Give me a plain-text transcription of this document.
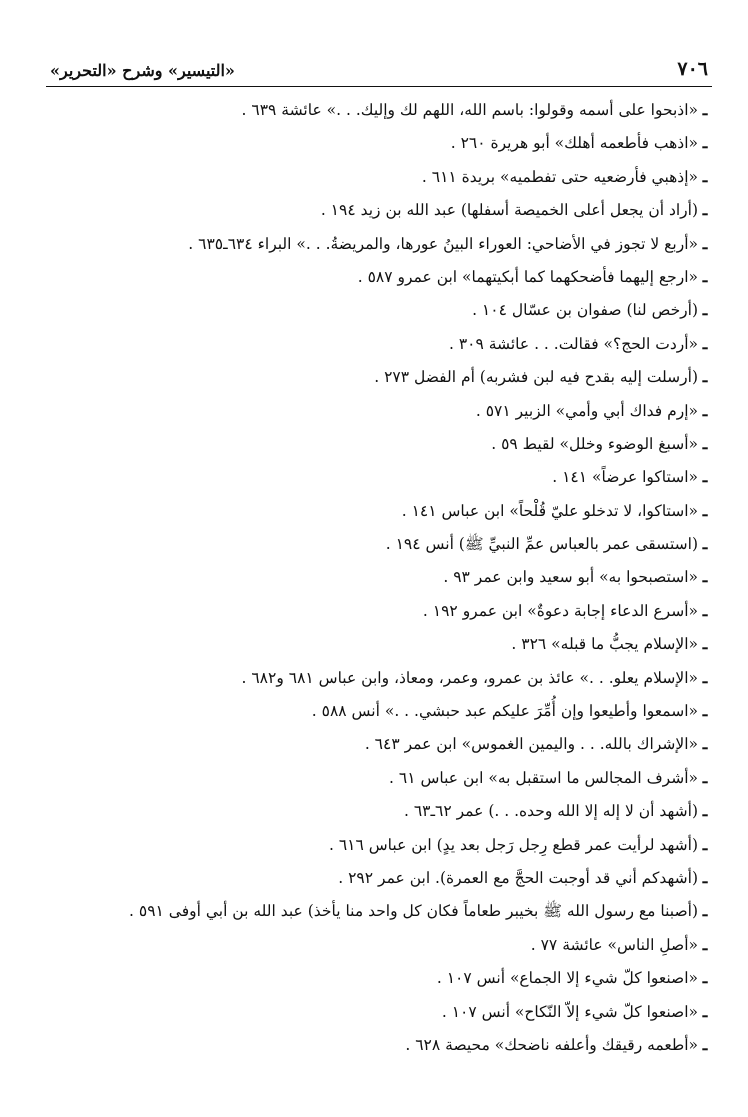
٧٠٦
«التيسير» وشرح «التحرير»
ـ
«اذبحوا على أسمه وقولوا: باسم الله، اللهم لك وإليك. . .» عائشة ٦٣٩ .
ـ
«اذهب فأطعمه أهلك» أبو هريرة ٢٦٠ .
ـ
«إذهبي فأرضعيه حتى تفطميه» بريدة ٦١١ .
ـ
(أراد أن يجعل أعلى الخميصة أسفلها) عبد الله بن زيد ١٩٤ .
ـ
«أربع لا تجوز في الأضاحي: العوراء البينُ عورها، والمريضةُ. . .» البراء ٦٣٤ـ٦٣٥ .
ـ
«ارجع إليهما فأضحكهما كما أبكيتهما» ابن عمرو ٥٨٧ .
ـ
(أرخص لنا) صفوان بن عسّال ١٠٤ .
ـ
«أردت الحج؟» فقالت. . . عائشة ٣٠٩ .
ـ
(أرسلت إليه بقدح فيه لبن فشربه) أم الفضل ٢٧٣ .
ـ
«إرم فداك أبي وأمي» الزبير ٥٧١ .
ـ
«أسبغ الوضوء وخلل» لقيط ٥٩ .
ـ
«استاكوا عرضاً» ١٤١ .
ـ
«استاكوا، لا تدخلو عليّ قُلْحاً» ابن عباس ١٤١ .
ـ
(استسقى عمر بالعباس عمِّ النبيِّ ﷺ) أنس ١٩٤ .
ـ
«استصبحوا به» أبو سعيد وابن عمر ٩٣ .
ـ
«أسرع الدعاء إجابة دعوةٌ» ابن عمرو ١٩٢ .
ـ
«الإسلام يجبُّ ما قبله» ٣٢٦ .
ـ
«الإسلام يعلو. . .» عائذ بن عمرو، وعمر، ومعاذ، وابن عباس ٦٨١ و٦٨٢ .
ـ
«اسمعوا وأطيعوا وإن أُمِّرَ عليكم عبد حبشي. . .» أنس ٥٨٨ .
ـ
«الإشراك بالله. . . واليمين الغموس» ابن عمر ٦٤٣ .
ـ
«أشرف المجالس ما استقبل به» ابن عباس ٦١ .
ـ
(أشهد أن لا إله إلا الله وحده. . .) عمر ٦٢ـ٦٣ .
ـ
(أشهد لرأيت عمر قطع رِجل رَجل بعد يدٍ) ابن عباس ٦١٦ .
ـ
(أشهدكم أني قد أوجبت الحجَّ مع العمرة). ابن عمر ٢٩٢ .
ـ
(أصبنا مع رسول الله ﷺ بخيبر طعاماً فكان كل واحد منا يأخذ) عبد الله بن أبي أوفى ٥٩١ .
ـ
«أصلِ الناس» عائشة ٧٧ .
ـ
«اصنعوا كلّ شيء إلا الجماع» أنس ١٠٧ .
ـ
«اصنعوا كلّ شيء إلاّ النّكاح» أنس ١٠٧ .
ـ
«أطعمه رقيقك وأعلفه ناضحك» محيصة ٦٢٨ .
